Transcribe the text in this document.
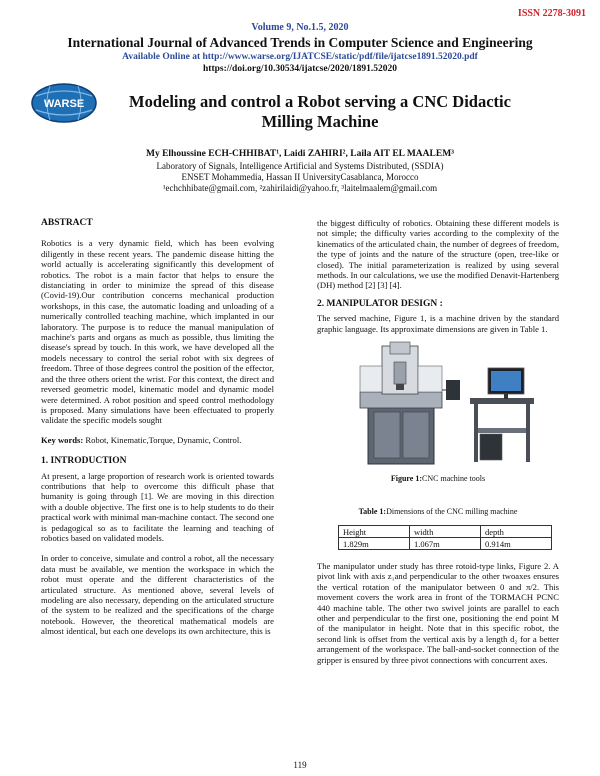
ISSN 2278-3091
Volume 9, No.1.5, 2020
International Journal of Advanced Trends in Computer Science and Engineering
Available Online at http://www.warse.org/IJATCSE/static/pdf/file/ijatcse1891.52020.pdf
https://doi.org/10.30534/ijatcse/2020/1891.52020
WARSE	Modeling and control a Robot serving a CNC Didactic
Milling Machine
My Elhoussine ECH-CHHIBAT¹, Laidi ZAHIRI², Laila AIT EL MAALEM³
Laboratory of Signals, Intelligence Artificial and Systems Distributed, (SSDIA)
ENSET Mohammedia, Hassan II UniversityCasablanca, Morocco
¹echchhibate@gmail.com, ²zahirilaidi@yahoo.fr, ³laitelmaalem@gmail.com
ABSTRACT

Robotics is a very dynamic field, which has been evolving diligently in these recent years. The pandemic disease hitting the world actually is accelerating significantly this development of robotics. The robot is a main factor that helps to ensure the distanciating in order to minimize the spread of this disease (Covid-19).Our contribution concerns mechanical production workshops, in this case, the automatic loading and unloading of a numerically controlled teaching machine, which implanted in our laboratory. The purpose is to reduce the manual manipulation of machine's parts and organs as much as possible, thus limiting the disease's spread by touch. In this work, we have developed all the models necessary to control the serial robot with six degrees of freedom. Three of those degrees control the position of the effector, and the three others orient the wrist. For this context, the direct and reversed geometric model, kinematic model and dynamic model were determined. A robot position and speed control methodology is proposed. Many simulations have been effectuated to properly validate the specific models sought

Key words: Robot, Kinematic,Torque, Dynamic, Control.

1. INTRODUCTION

At present, a large proportion of research work is oriented towards contributions that help to overcome this difficult phase that humanity is going through [1]. We are moving in this direction with a double objective. The first one is to help students to do their practical work with minimal man-machine contact. The second one is pedagogical so as to facilitate the learning and teaching of robotics based on validated models.

In order to conceive, simulate and control a robot, all the necessary data must be available, we mention the workspace in which the robot must operate and the different characteristics of the articulated structure. As mentioned above, several levels of modeling are also necessary, depending on the articulated structure of the system to be realized and the specifications of the charge notebook. However, the theoretical mathematical models are almost identical, but each one develops its own architecture, this is

the biggest difficulty of robotics. Obtaining these different models is not simple; the difficulty varies according to the complexity of the kinematics of the articulated chain, the number of degrees of freedom, the type of joints and the nature of the structure (open, tree-like or closed). The initial parameterization is realized by using several methods. In our calculations, we use the modified Denavit-Hartenberg (DH) method [2] [3] [4].

2. MANIPULATOR DESIGN :

The served machine, Figure 1, is a machine driven by the standard graphic language. Its approximate dimensions are given in Table 1.

Figure 1:CNC machine tools
Table 1:Dimensions of the CNC milling machine
Height	width	depth
1.829m	1.067m	0.914m

The manipulator under study has three rotoid-type links, Figure 2. A pivot link with axis z₁and perpendicular to the other twoaxes ensures the vertical rotation of the manipulator between 0 and π/2. This movement covers the work area in front of the TORMACH PCNC 440 machine table. The other two swivel joints are parallel to each other and perpendicular to the first one, positioning the end point M of the manipulator in height. Note that in this specific robot, the second link is offset from the vertical axis by a length d₂ for a better arrangement of the workspace. The ball-and-socket connection of the gripper is ensured by three pivot connections with concurrent axes.

119
